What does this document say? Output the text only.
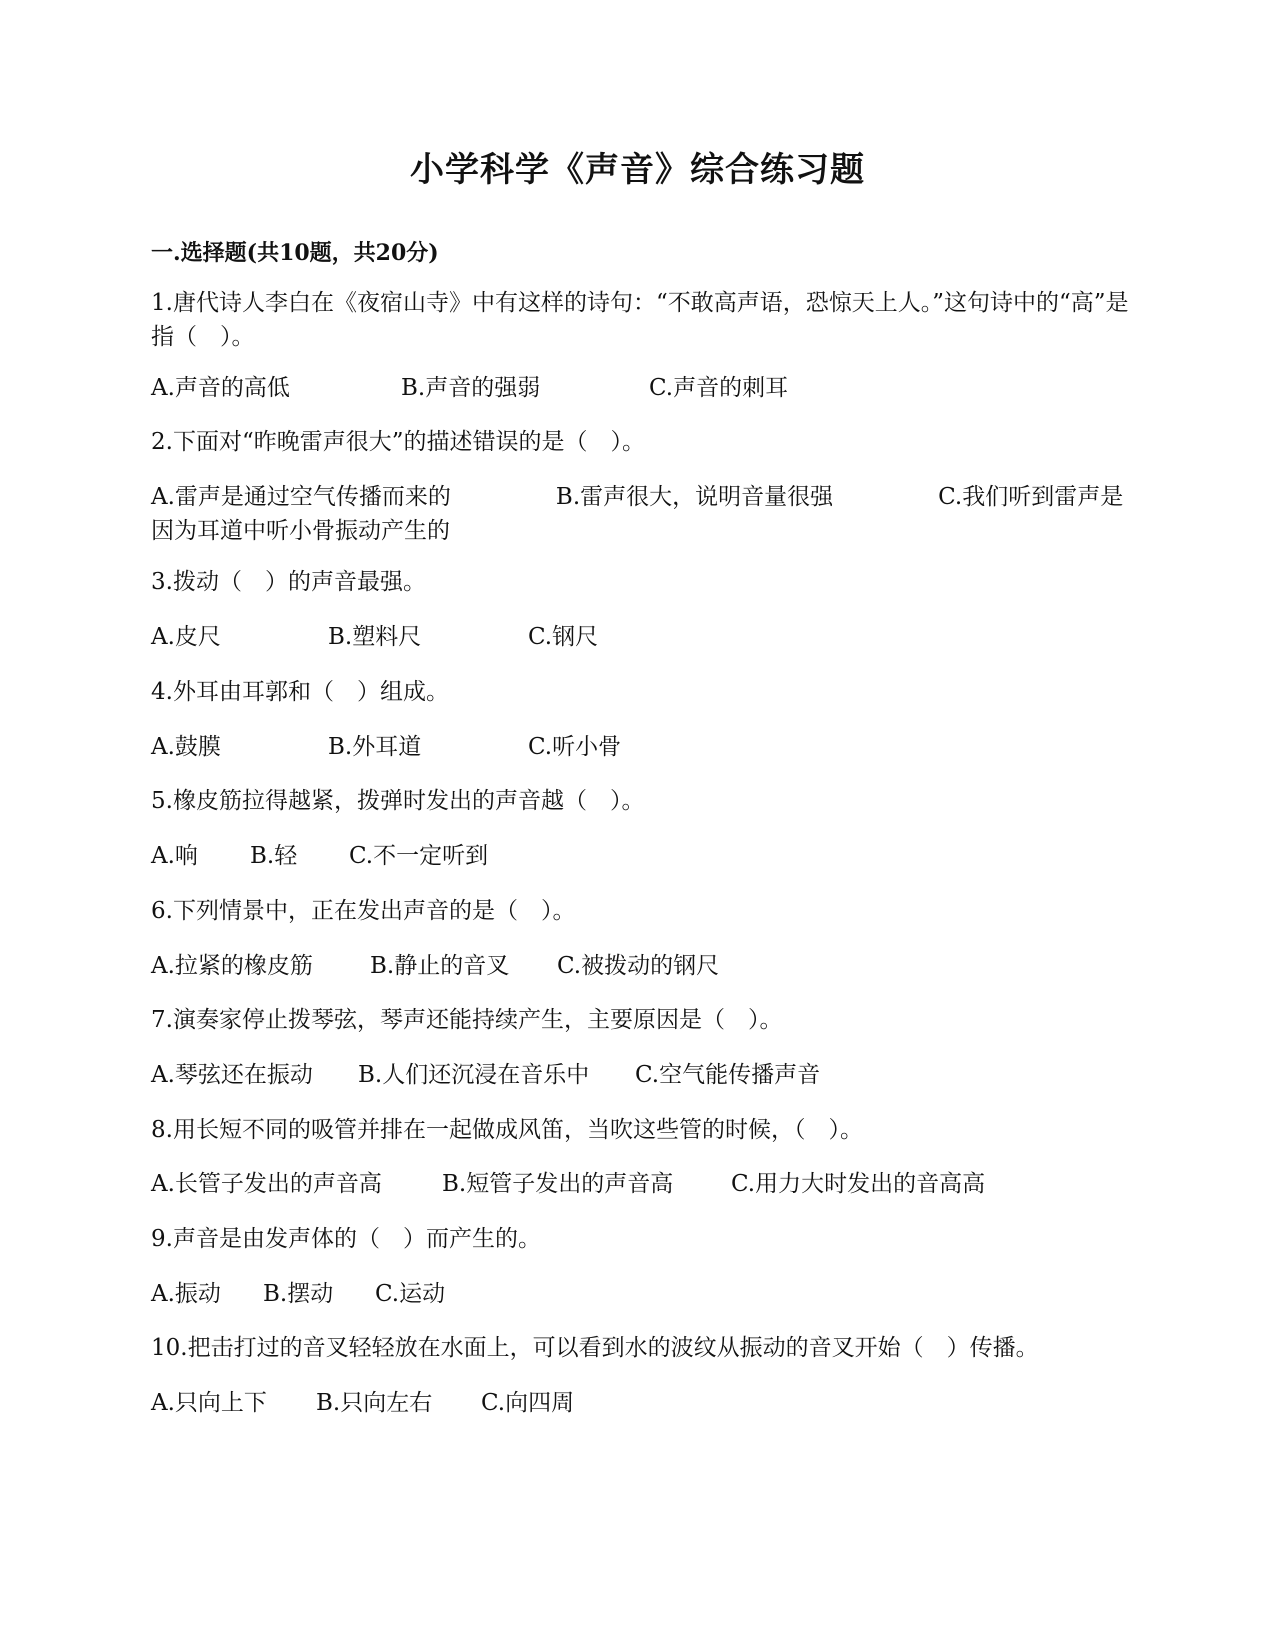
小学科学《声音》综合练习题
一.选择题(共10题，共20分)
1.唐代诗人李白在《夜宿山寺》中有这样的诗句：“不敢高声语，恐惊天上人。”这句诗中的“高”是指（　）。
A.声音的高低	B.声音的强弱	C.声音的刺耳
2.下面对“昨晚雷声很大”的描述错误的是（　）。
A.雷声是通过空气传播而来的	B.雷声很大，说明音量很强	C.我们听到雷声是因为耳道中听小骨振动产生的
3.拨动（　）的声音最强。
A.皮尺	B.塑料尺	C.钢尺
4.外耳由耳郭和（　）组成。
A.鼓膜	B.外耳道	C.听小骨
5.橡皮筋拉得越紧，拨弹时发出的声音越（　）。
A.响	B.轻	C.不一定听到
6.下列情景中，正在发出声音的是（　）。
A.拉紧的橡皮筋	B.静止的音叉	C.被拨动的钢尺
7.演奏家停止拨琴弦，琴声还能持续产生，主要原因是（　）。
A.琴弦还在振动	B.人们还沉浸在音乐中	C.空气能传播声音
8.用长短不同的吸管并排在一起做成风笛，当吹这些管的时候，（　）。
A.长管子发出的声音高	B.短管子发出的声音高	C.用力大时发出的音高高
9.声音是由发声体的（　）而产生的。
A.振动	B.摆动	C.运动
10.把击打过的音叉轻轻放在水面上，可以看到水的波纹从振动的音叉开始（　）传播。
A.只向上下	B.只向左右	C.向四周
